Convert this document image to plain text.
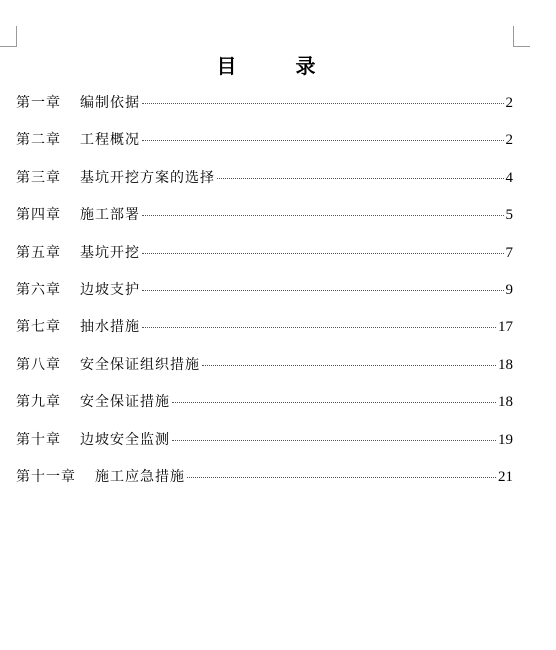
目 录
第一章 编制依据	2
第二章 工程概况	2
第三章 基坑开挖方案的选择	4
第四章 施工部署	5
第五章 基坑开挖	7
第六章 边坡支护	9
第七章 抽水措施	17
第八章 安全保证组织措施	18
第九章 安全保证措施	18
第十章 边坡安全监测	19
第十一章 施工应急措施	21
